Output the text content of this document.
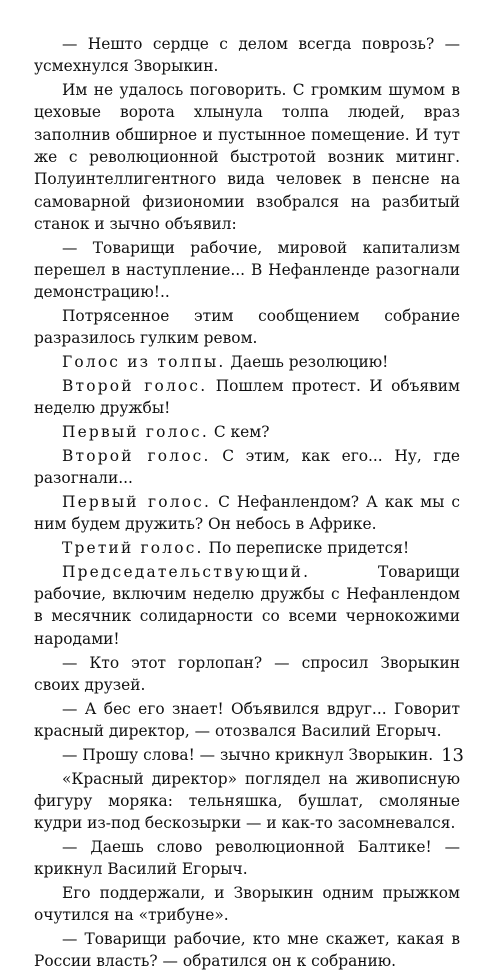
— Нешто сердце с делом всегда поврозь? — усмехнулся Зворыкин.

Им не удалось поговорить. С громким шумом в цеховые ворота хлынула толпа людей, враз заполнив обширное и пустынное помещение. И тут же с революционной быстротой возник митинг. Полуинтеллигентного вида человек в пенсне на самоварной физиономии взобрался на разбитый станок и зычно объявил:

— Товарищи рабочие, мировой капитализм перешел в наступление... В Нефанленде разогнали демонстрацию!..

Потрясенное этим сообщением собрание разразилось гулким ревом.

Голос из толпы. Даешь резолюцию!

Второй голос. Пошлем протест. И объявим неделю дружбы!

Первый голос. С кем?

Второй голос. С этим, как его... Ну, где разогнали...

Первый голос. С Нефанлендом? А как мы с ним будем дружить? Он небось в Африке.

Третий голос. По переписке придется!

Председательствующий.	Товарищи рабочие, включим неделю дружбы с Нефанлендом в месячник солидарности со всеми чернокожими народами!

— Кто этот горлопан? — спросил Зворыкин своих друзей.

— А бес его знает! Объявился вдруг... Говорит красный директор, — отозвался Василий Егорыч.

— Прошу слова! — зычно крикнул Зворыкин.

«Красный директор» поглядел на живописную фигуру моряка: тельняшка, бушлат, смоляные кудри из-под бескозырки — и как-то засомневался.

— Даешь слово революционной Балтике! — крикнул Василий Егорыч.

Его поддержали, и Зворыкин одним прыжком очутился на «трибуне».

— Товарищи рабочие, кто мне скажет, какая в России власть? — обратился он к собранию.

13
